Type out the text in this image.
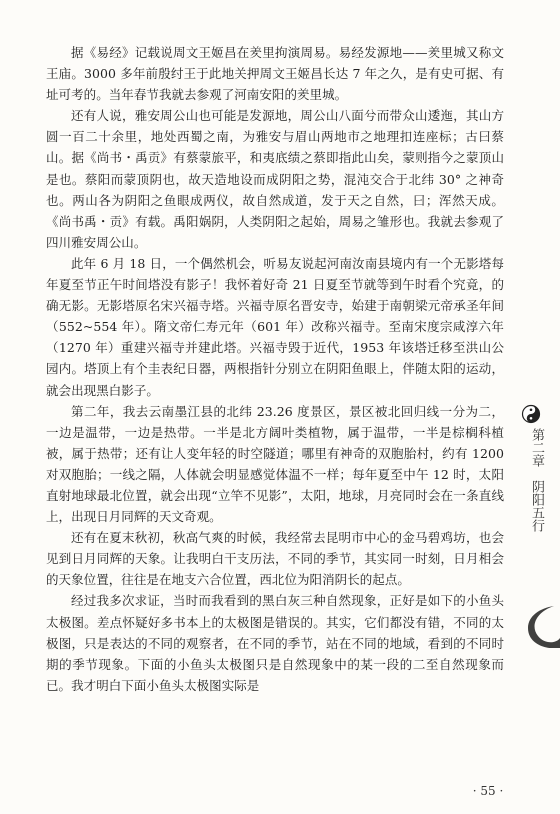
据《易经》记载说周文王姬昌在羑里拘演周易。易经发源地——羑里城又称文王庙。3000 多年前殷纣王于此地关押周文王姬昌长达 7 年之久，是有史可据、有址可考的。当年春节我就去参观了河南安阳的羑里城。

还有人说，雅安周公山也可能是发源地，周公山八面兮而带众山逶迤，其山方圆一百二十余里，地处西蜀之南，为雅安与眉山两地市之地理扣连座标；古曰蔡山。据《尚书・禹贡》有蔡蒙旅平，和夷底绩之蔡即指此山矣，蒙则指今之蒙顶山是也。蔡阳而蒙顶阴也，故天造地设而成阴阳之势，混沌交合于北纬 30° 之神奇也。两山各为阴阳之鱼眼成两仪，故自然成道，发于天之自然，曰；浑然天成。《尚书禹・贡》有载。禹阳娲阴，人类阴阳之起始，周易之雏形也。我就去参观了四川雅安周公山。

此年 6 月 18 日，一个偶然机会，听易友说起河南汝南县境内有一个无影塔每年夏至节正午时间塔没有影子！我怀着好奇 21 日夏至节就等到午时看个究竟，的确无影。无影塔原名宋兴福寺塔。兴福寺原名晋安寺，始建于南朝梁元帝承圣年间（552~554 年）。隋文帝仁寿元年（601 年）改称兴福寺。至南宋度宗咸淳六年（1270 年）重建兴福寺并建此塔。兴福寺毁于近代，1953 年该塔迁移至洪山公园内。塔顶上有个圭表纪日器，两根指针分别立在阴阳鱼眼上，伴随太阳的运动，就会出现黑白影子。

第二年，我去云南墨江县的北纬 23.26 度景区，景区被北回归线一分为二，一边是温带，一边是热带。一半是北方阔叶类植物，属于温带，一半是棕榈科植被，属于热带；还有让人变年轻的时空隧道；哪里有神奇的双胞胎村，约有 1200 对双胞胎；一线之隔，人体就会明显感觉体温不一样；每年夏至中午 12 时，太阳直射地球最北位置，就会出现“立竿不见影”，太阳，地球，月亮同时会在一条直线上，出现日月同辉的天文奇观。

还有在夏末秋初，秋高气爽的时候，我经常去昆明市中心的金马碧鸡坊，也会见到日月同辉的天象。让我明白干支历法，不同的季节，其实同一时刻，日月相会的天象位置，往往是在地支六合位置，西北位为阳消阴长的起点。

经过我多次求证，当时而我看到的黑白灰三种自然现象，正好是如下的小鱼头太极图。差点怀疑好多书本上的太极图是错误的。其实，它们都没有错，不同的太极图，只是表达的不同的观察者，在不同的季节，站在不同的地域，看到的不同时期的季节现象。下面的小鱼头太极图只是自然现象中的某一段的二至自然现象而已。我才明白下面小鱼头太极图实际是

第二章　阴阳五行
· 55 ·
